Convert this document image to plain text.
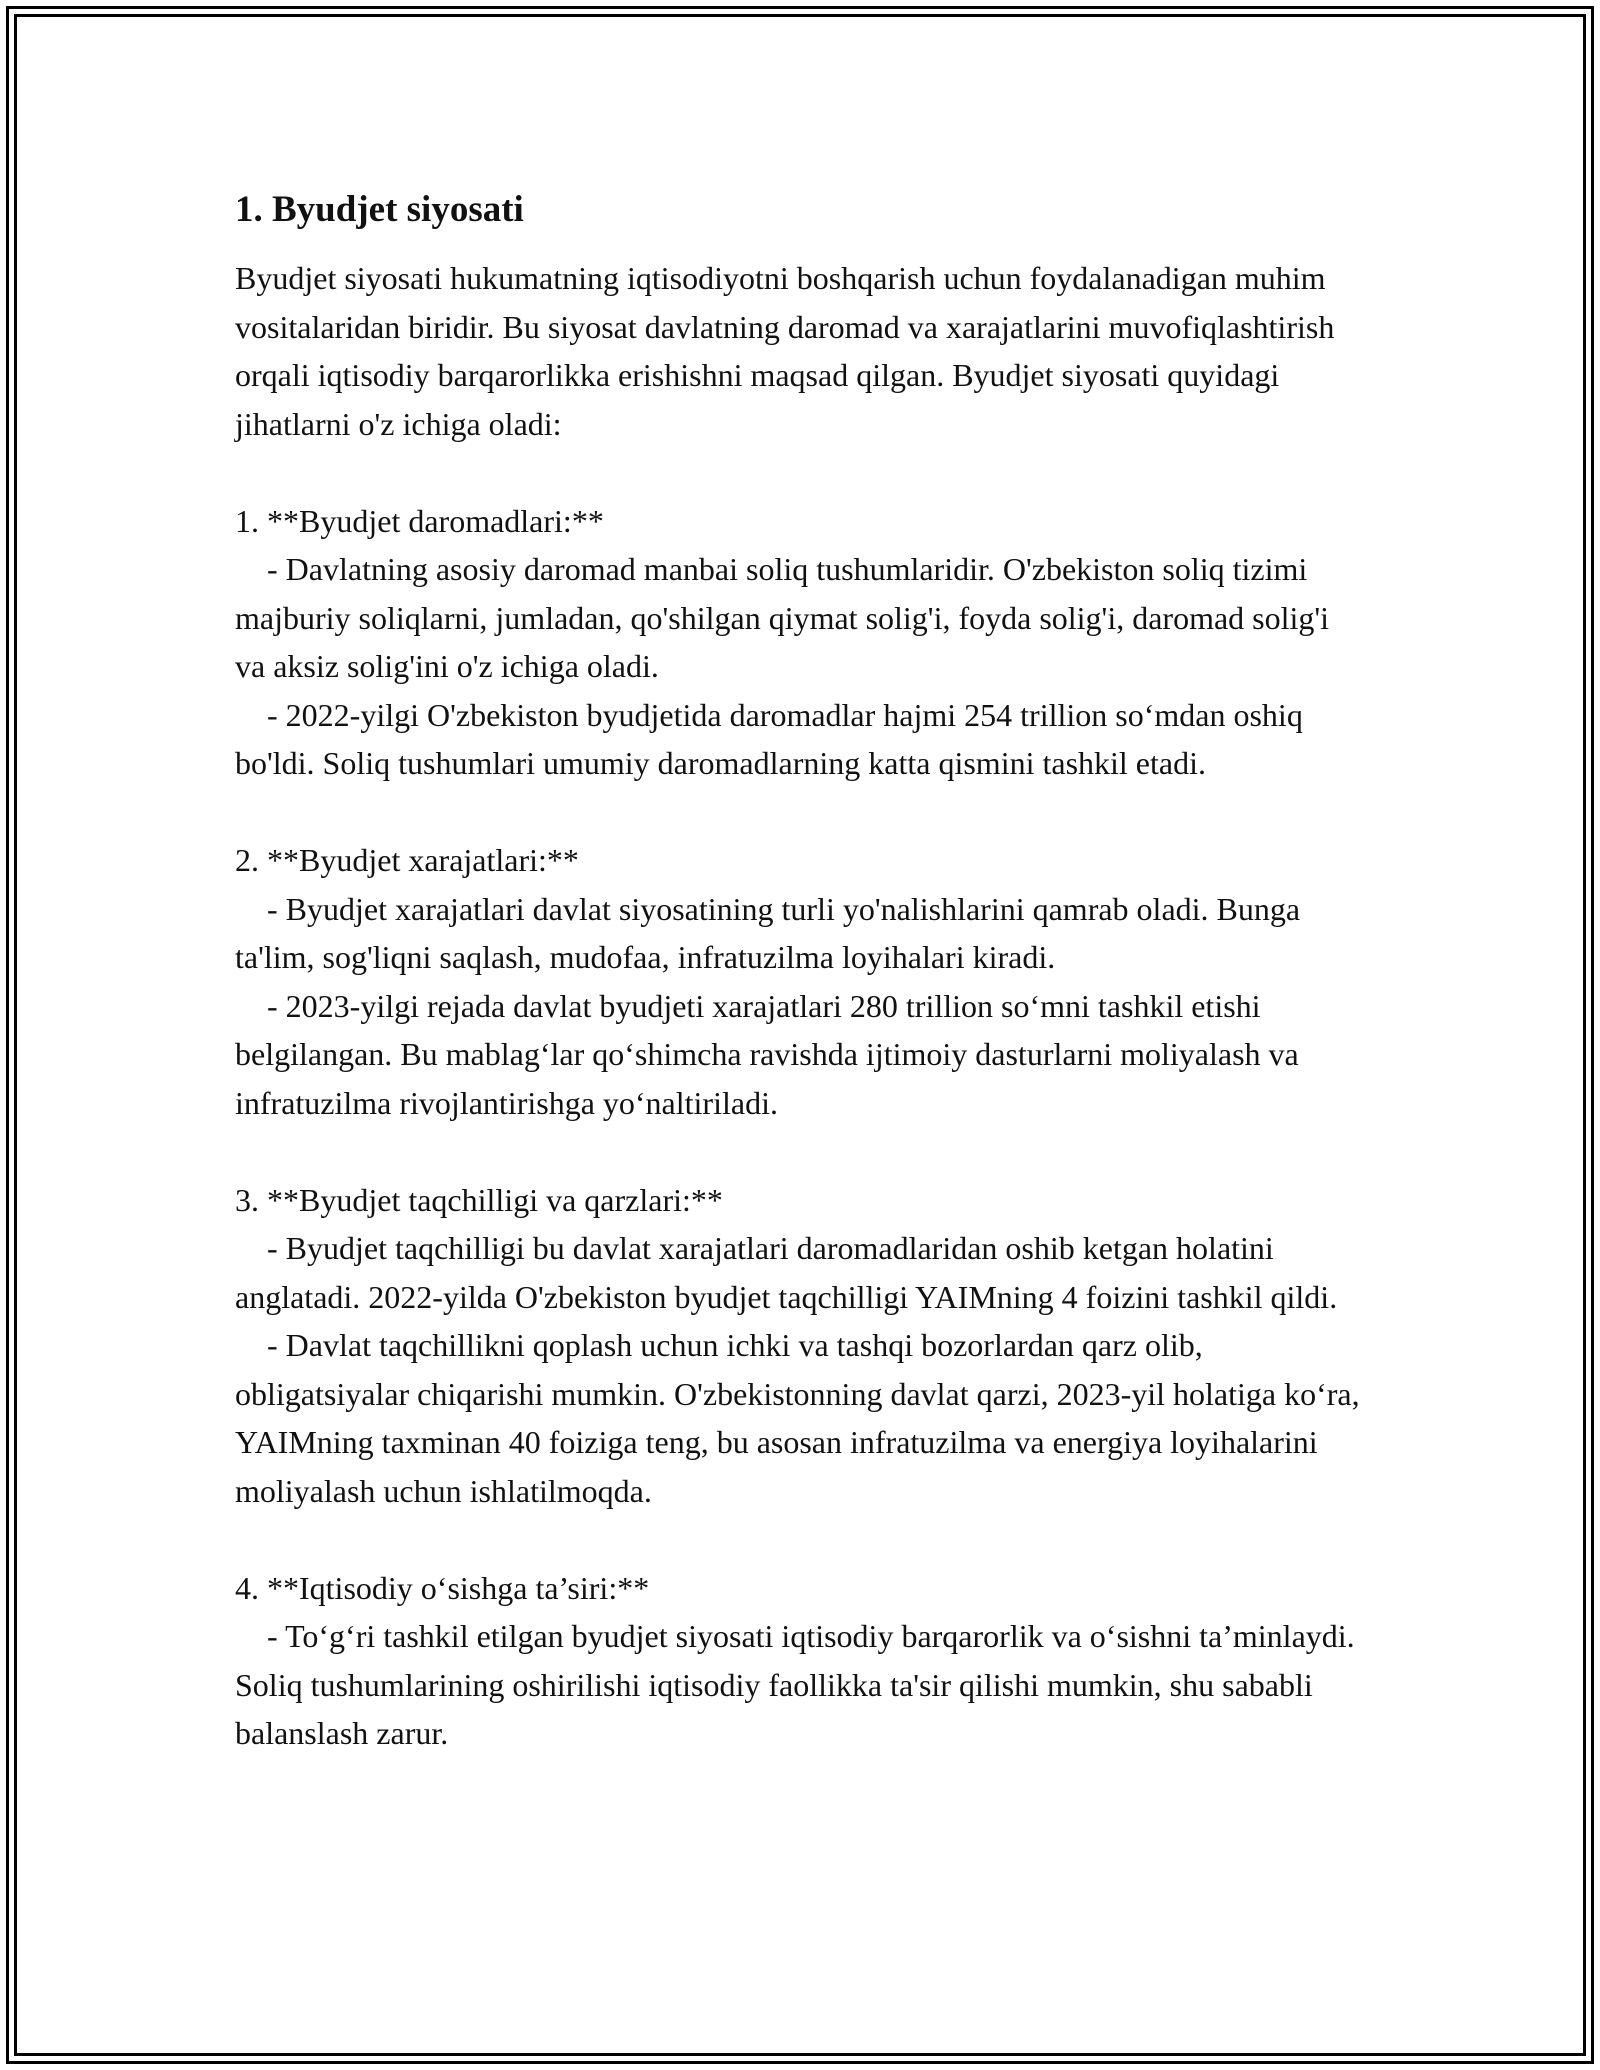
1. Byudjet siyosati

Byudjet siyosati hukumatning iqtisodiyotni boshqarish uchun foydalanadigan muhim vositalaridan biridir. Bu siyosat davlatning daromad va xarajatlarini muvofiqlashtirish orqali iqtisodiy barqarorlikka erishishni maqsad qilgan. Byudjet siyosati quyidagi jihatlarni o'z ichiga oladi:

1. **Byudjet daromadlari:**

- Davlatning asosiy daromad manbai soliq tushumlaridir. O'zbekiston soliq tizimi majburiy soliqlarni, jumladan, qo'shilgan qiymat solig'i, foyda solig'i, daromad solig'i va aksiz solig'ini o'z ichiga oladi.

- 2022-yilgi O'zbekiston byudjetida daromadlar hajmi 254 trillion so‘mdan oshiq bo'ldi. Soliq tushumlari umumiy daromadlarning katta qismini tashkil etadi.

2. **Byudjet xarajatlari:**

- Byudjet xarajatlari davlat siyosatining turli yo'nalishlarini qamrab oladi. Bunga ta'lim, sog'liqni saqlash, mudofaa, infratuzilma loyihalari kiradi.

- 2023-yilgi rejada davlat byudjeti xarajatlari 280 trillion so‘mni tashkil etishi belgilangan. Bu mablag‘lar qo‘shimcha ravishda ijtimoiy dasturlarni moliyalash va infratuzilma rivojlantirishga yo‘naltiriladi.

3. **Byudjet taqchilligi va qarzlari:**

- Byudjet taqchilligi bu davlat xarajatlari daromadlaridan oshib ketgan holatini anglatadi. 2022-yilda O'zbekiston byudjet taqchilligi YAIMning 4 foizini tashkil qildi.

- Davlat taqchillikni qoplash uchun ichki va tashqi bozorlardan qarz olib, obligatsiyalar chiqarishi mumkin. O'zbekistonning davlat qarzi, 2023-yil holatiga ko‘ra, YAIMning taxminan 40 foiziga teng, bu asosan infratuzilma va energiya loyihalarini moliyalash uchun ishlatilmoqda.

4. **Iqtisodiy o‘sishga ta’siri:**

- To‘g‘ri tashkil etilgan byudjet siyosati iqtisodiy barqarorlik va o‘sishni ta’minlaydi. Soliq tushumlarining oshirilishi iqtisodiy faollikka ta'sir qilishi mumkin, shu sababli balanslash zarur.
